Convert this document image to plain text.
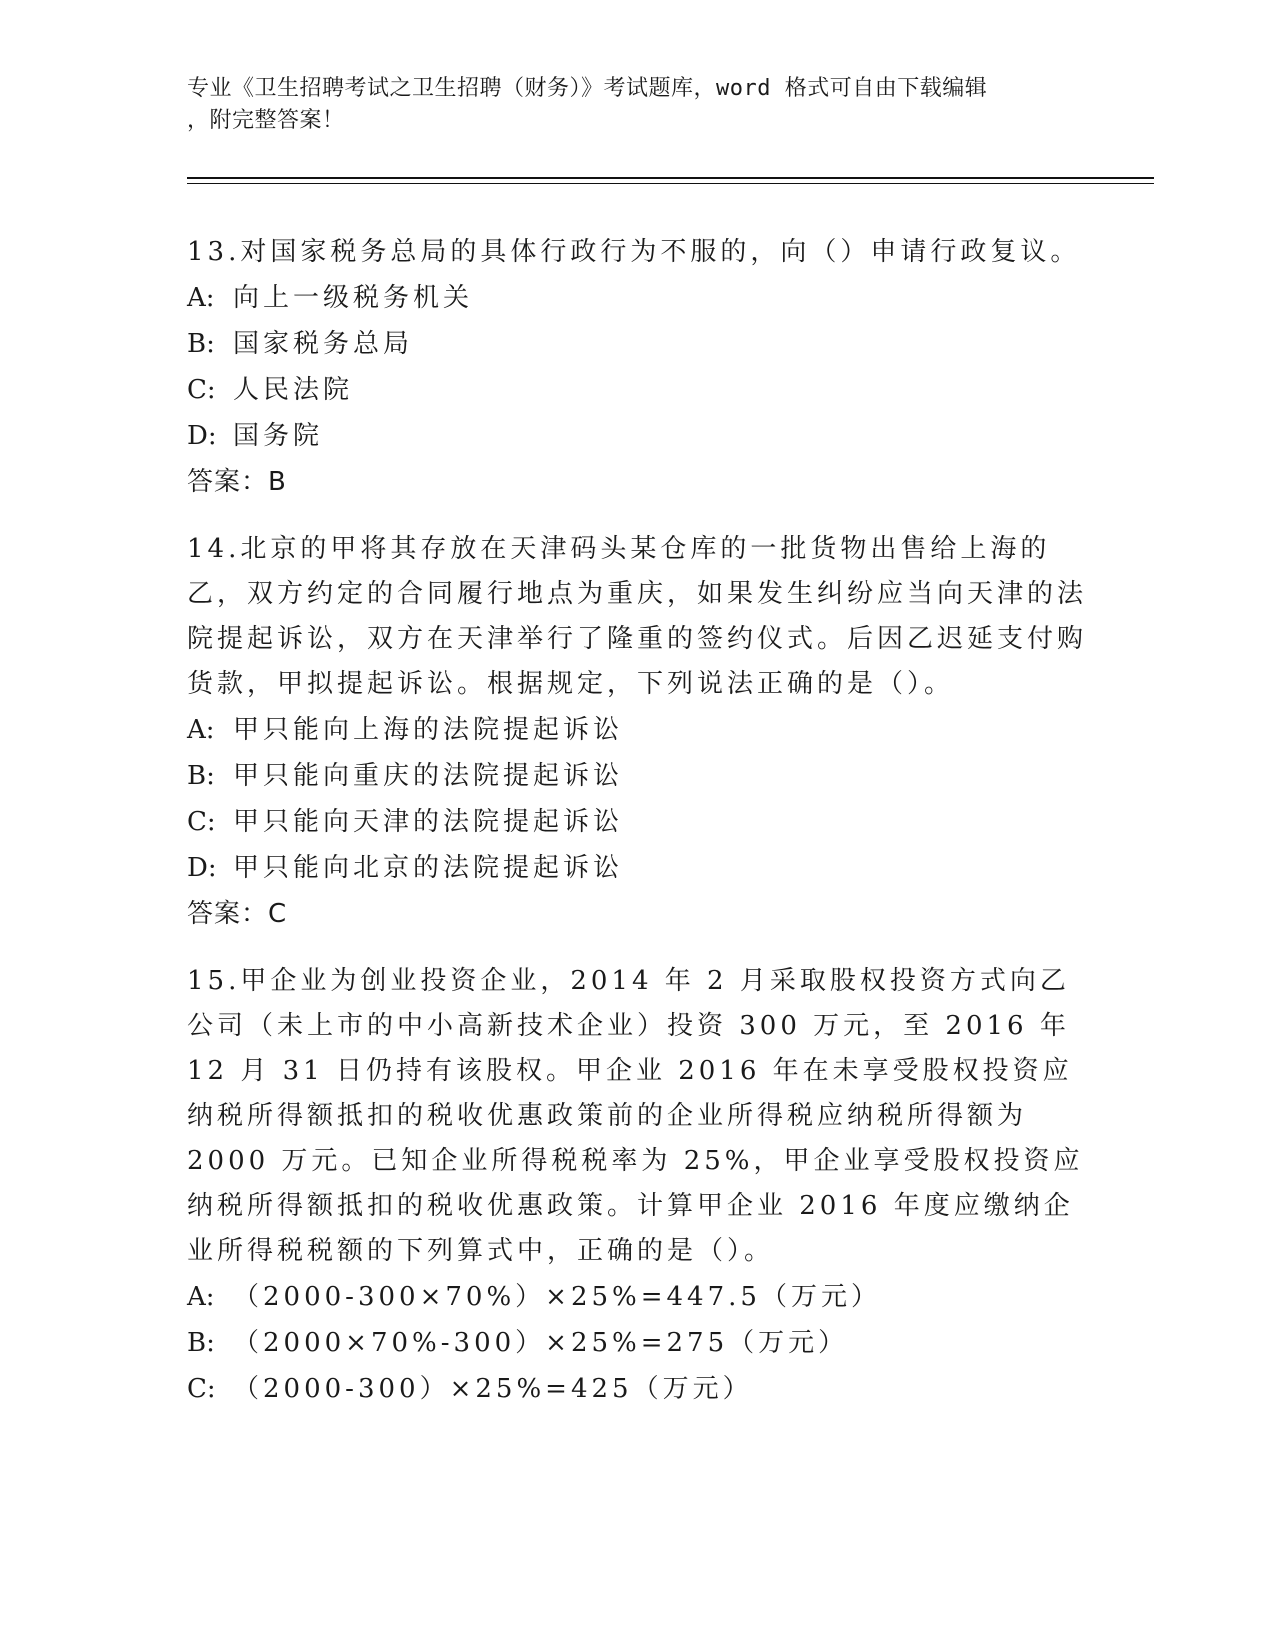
专业《卫生招聘考试之卫生招聘（财务）》考试题库，word 格式可自由下载编辑
，附完整答案！
13.对国家税务总局的具体行政行为不服的，向（）申请行政复议。
A: 向上一级税务机关
B: 国家税务总局
C: 人民法院
D: 国务院
答案：B
14.北京的甲将其存放在天津码头某仓库的一批货物出售给上海的乙，双方约定的合同履行地点为重庆，如果发生纠纷应当向天津的法院提起诉讼，双方在天津举行了隆重的签约仪式。后因乙迟延支付购货款，甲拟提起诉讼。根据规定，下列说法正确的是（）。
A: 甲只能向上海的法院提起诉讼
B: 甲只能向重庆的法院提起诉讼
C: 甲只能向天津的法院提起诉讼
D: 甲只能向北京的法院提起诉讼
答案：C
15.甲企业为创业投资企业，2014 年 2 月采取股权投资方式向乙公司（未上市的中小高新技术企业）投资 300 万元，至 2016 年 12 月 31 日仍持有该股权。甲企业 2016 年在未享受股权投资应纳税所得额抵扣的税收优惠政策前的企业所得税应纳税所得额为 2000 万元。已知企业所得税税率为 25%，甲企业享受股权投资应纳税所得额抵扣的税收优惠政策。计算甲企业 2016 年度应缴纳企业所得税税额的下列算式中，正确的是（）。
A: （2000-300×70%）×25%=447.5（万元）
B: （2000×70%-300）×25%=275（万元）
C: （2000-300）×25%=425（万元）
